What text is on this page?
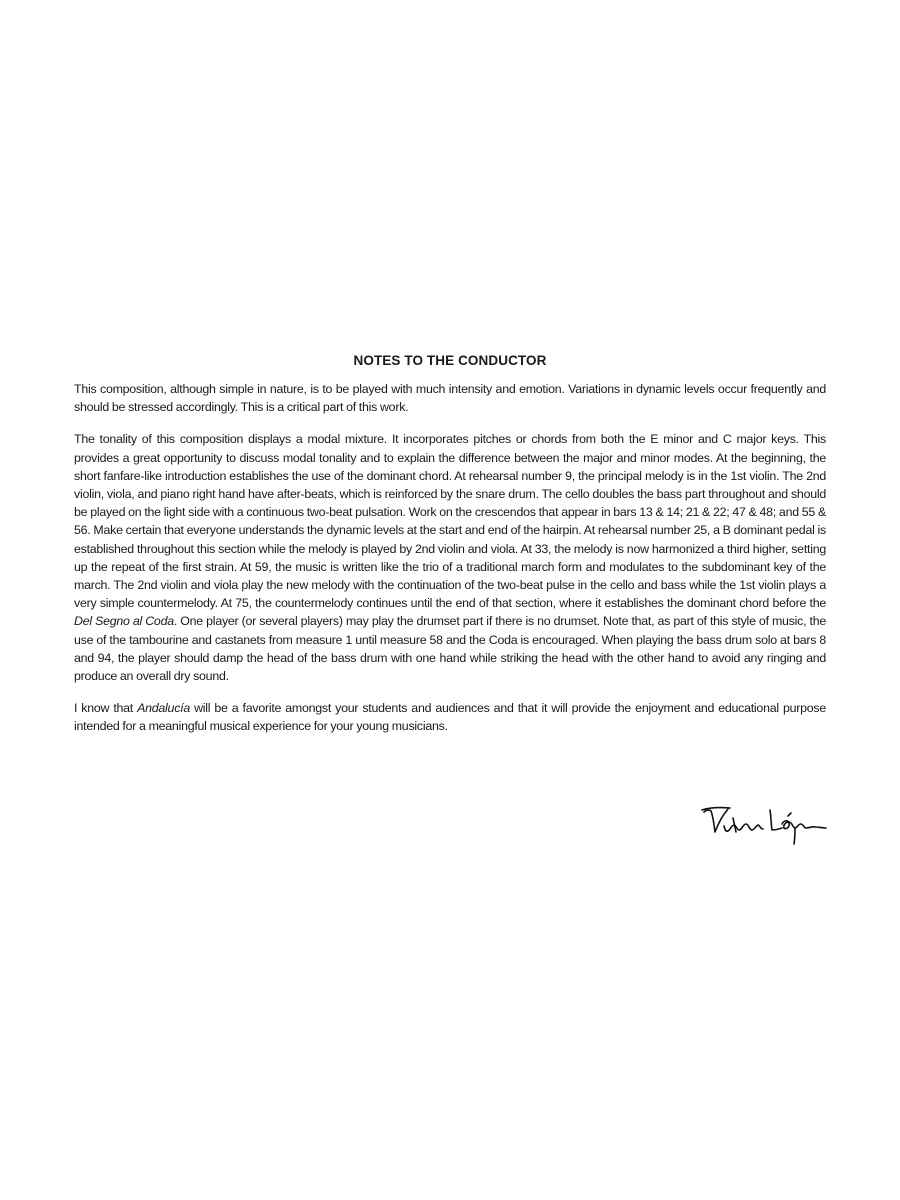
NOTES TO THE CONDUCTOR

This composition, although simple in nature, is to be played with much intensity and emotion. Variations in dynamic levels occur frequently and should be stressed accordingly. This is a critical part of this work.

The tonality of this composition displays a modal mixture. It incorporates pitches or chords from both the E minor and C major keys. This provides a great opportunity to discuss modal tonality and to explain the difference between the major and minor modes. At the beginning, the short fanfare-like introduction establishes the use of the dominant chord. At rehearsal number 9, the principal melody is in the 1st violin. The 2nd violin, viola, and piano right hand have after-beats, which is reinforced by the snare drum. The cello doubles the bass part throughout and should be played on the light side with a continuous two-beat pulsation. Work on the crescendos that appear in bars 13 & 14; 21 & 22; 47 & 48; and 55 & 56. Make certain that everyone understands the dynamic levels at the start and end of the hairpin. At rehearsal number 25, a B dominant pedal is established throughout this section while the melody is played by 2nd violin and viola. At 33, the melody is now harmonized a third higher, setting up the repeat of the first strain. At 59, the music is written like the trio of a traditional march form and modulates to the subdominant key of the march. The 2nd violin and viola play the new melody with the continuation of the two-beat pulse in the cello and bass while the 1st violin plays a very simple countermelody. At 75, the countermelody continues until the end of that section, where it establishes the dominant chord before the Del Segno al Coda. One player (or several players) may play the drumset part if there is no drumset. Note that, as part of this style of music, the use of the tambourine and castanets from measure 1 until measure 58 and the Coda is encouraged. When playing the bass drum solo at bars 8 and 94, the player should damp the head of the bass drum with one hand while striking the head with the other hand to avoid any ringing and produce an overall dry sound.

I know that Andalucía will be a favorite amongst your students and audiences and that it will provide the enjoyment and educational purpose intended for a meaningful musical experience for your young musicians.
